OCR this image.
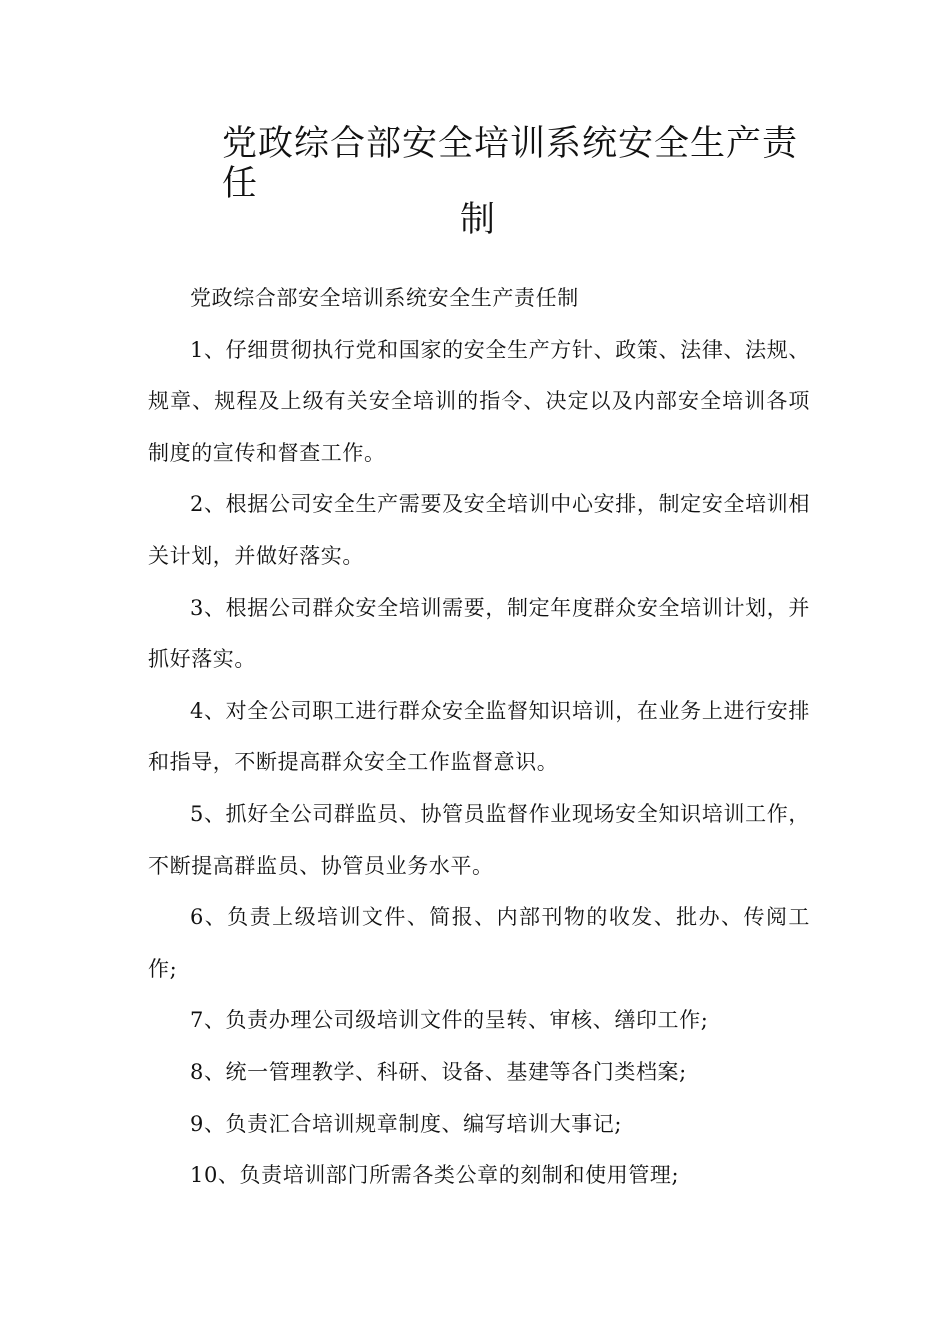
党政综合部安全培训系统安全生产责任
制

党政综合部安全培训系统安全生产责任制

1、仔细贯彻执行党和国家的安全生产方针、政策、法律、法规、规章、规程及上级有关安全培训的指令、决定以及内部安全培训各项制度的宣传和督查工作。

2、根据公司安全生产需要及安全培训中心安排，制定安全培训相关计划，并做好落实。

3、根据公司群众安全培训需要，制定年度群众安全培训计划，并抓好落实。

4、对全公司职工进行群众安全监督知识培训，在业务上进行安排和指导，不断提高群众安全工作监督意识。

5、抓好全公司群监员、协管员监督作业现场安全知识培训工作，不断提高群监员、协管员业务水平。

6、负责上级培训文件、简报、内部刊物的收发、批办、传阅工作;

7、负责办理公司级培训文件的呈转、审核、缮印工作;

8、统一管理教学、科研、设备、基建等各门类档案;

9、负责汇合培训规章制度、编写培训大事记;

10、负责培训部门所需各类公章的刻制和使用管理;
